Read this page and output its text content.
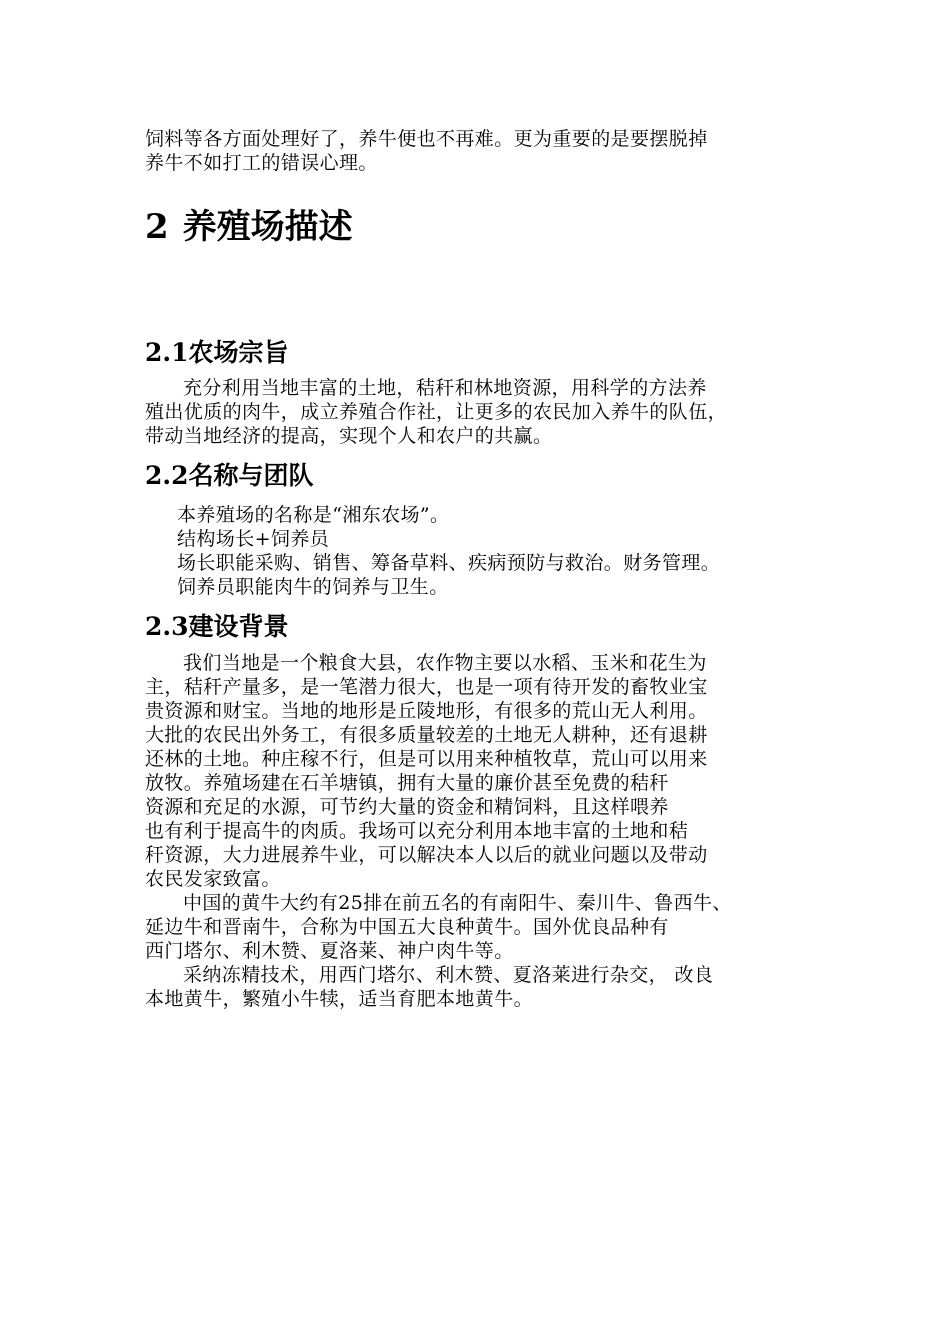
饲料等各方面处理好了，养牛便也不再难。更为重要的是要摆脱掉
养牛不如打工的错误心理。
2 养殖场描述
2.1农场宗旨
充分利用当地丰富的土地，秸秆和林地资源，用科学的方法养
殖出优质的肉牛，成立养殖合作社，让更多的农民加入养牛的队伍，
带动当地经济的提高，实现个人和农户的共赢。
2.2名称与团队
本养殖场的名称是“湘东农场”。
结构场长+饲养员
场长职能采购、销售、筹备草料、疾病预防与救治。财务管理。
饲养员职能肉牛的饲养与卫生。
2.3建设背景
我们当地是一个粮食大县，农作物主要以水稻、玉米和花生为
主，秸秆产量多，是一笔潜力很大，也是一项有待开发的畜牧业宝
贵资源和财宝。当地的地形是丘陵地形，有很多的荒山无人利用。
大批的农民出外务工，有很多质量较差的土地无人耕种，还有退耕
还林的土地。种庄稼不行，但是可以用来种植牧草，荒山可以用来
放牧。养殖场建在石羊塘镇，拥有大量的廉价甚至免费的秸秆
资源和充足的水源，可节约大量的资金和精饲料，且这样喂养
也有利于提高牛的肉质。我场可以充分利用本地丰富的土地和秸
秆资源，大力进展养牛业，可以解决本人以后的就业问题以及带动
农民发家致富。
中国的黄牛大约有25排在前五名的有南阳牛、秦川牛、鲁西牛、
延边牛和晋南牛，合称为中国五大良种黄牛。国外优良品种有
西门塔尔、利木赞、夏洛莱、神户肉牛等。
采纳冻精技术，用西门塔尔、利木赞、夏洛莱进行杂交， 改良
本地黄牛，繁殖小牛犊，适当育肥本地黄牛。
